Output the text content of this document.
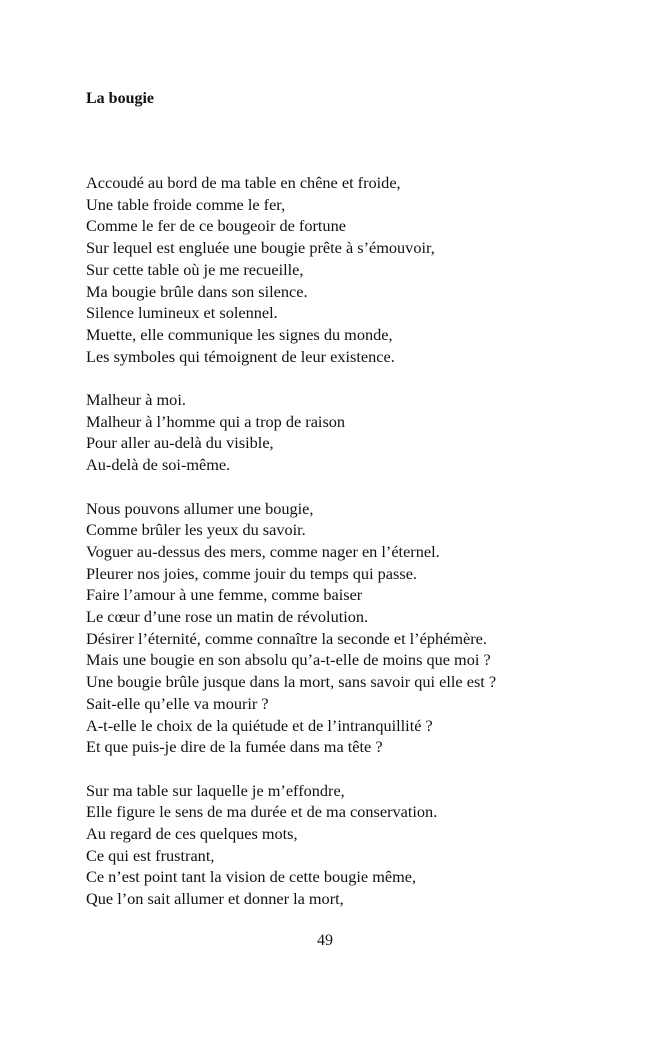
La bougie

Accoudé au bord de ma table en chêne et froide,
Une table froide comme le fer,
Comme le fer de ce bougeoir de fortune
Sur lequel est engluée une bougie prête à s’émouvoir,
Sur cette table où je me recueille,
Ma bougie brûle dans son silence.
Silence lumineux et solennel.
Muette, elle communique les signes du monde,
Les symboles qui témoignent de leur existence.

Malheur à moi.
Malheur à l’homme qui a trop de raison
Pour aller au-delà du visible,
Au-delà de soi-même.

Nous pouvons allumer une bougie,
Comme brûler les yeux du savoir.
Voguer au-dessus des mers, comme nager en l’éternel.
Pleurer nos joies, comme jouir du temps qui passe.
Faire l’amour à une femme, comme baiser
Le cœur d’une rose un matin de révolution.
Désirer l’éternité, comme connaître la seconde et l’éphémère.
Mais une bougie en son absolu qu’a-t-elle de moins que moi ?
Une bougie brûle jusque dans la mort, sans savoir qui elle est ?
Sait-elle qu’elle va mourir ?
A-t-elle le choix de la quiétude et de l’intranquillité ?
Et que puis-je dire de la fumée dans ma tête ?

Sur ma table sur laquelle je m’effondre,
Elle figure le sens de ma durée et de ma conservation.
Au regard de ces quelques mots,
Ce qui est frustrant,
Ce n’est point tant la vision de cette bougie même,
Que l’on sait allumer et donner la mort,

49
